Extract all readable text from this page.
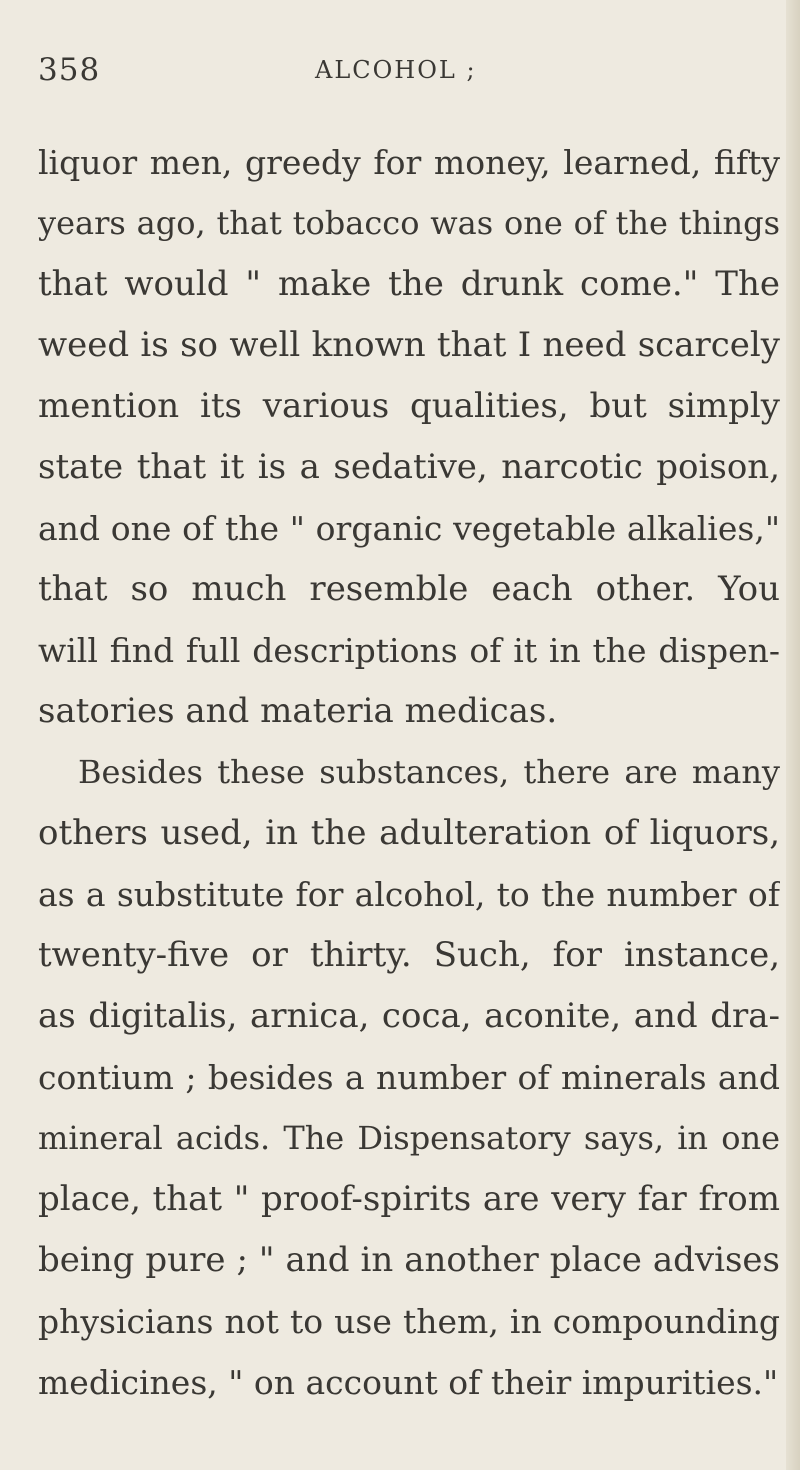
358	ALCOHOL ;
liquor men, greedy for money, learned, fifty
years ago, that tobacco was one of the things
that would " make the drunk come." The
weed is so well known that I need scarcely
mention its various qualities, but simply
state that it is a sedative, narcotic poison,
and one of the " organic vegetable alkalies,"
that so much resemble each other. You
will find full descriptions of it in the dispen-
satories and materia medicas.
Besides these substances, there are many
others used, in the adulteration of liquors,
as a substitute for alcohol, to the number of
twenty-five or thirty. Such, for instance,
as digitalis, arnica, coca, aconite, and dra-
contium ; besides a number of minerals and
mineral acids. The Dispensatory says, in one
place, that " proof-spirits are very far from
being pure ; " and in another place advises
physicians not to use them, in compounding
medicines, " on account of their impurities."
